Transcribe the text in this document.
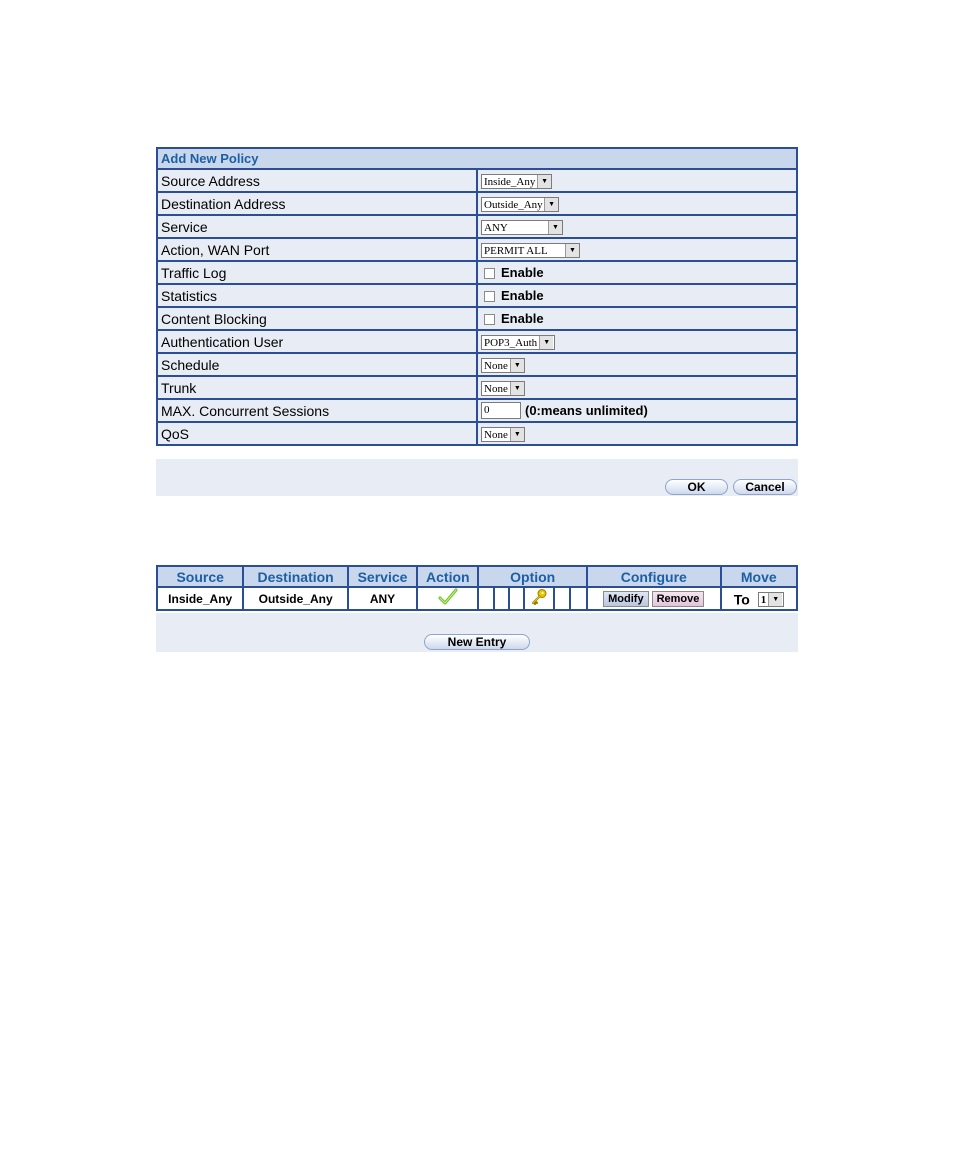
Add New Policy	
Source Address	Inside_Any ▼

Destination Address	Outside_Any ▼

Service	ANY ▼

Action, WAN Port	PERMIT ALL ▼

Traffic Log	Enable
Statistics	Enable
Content Blocking	Enable
Authentication User	POP3_Auth ▼

Schedule	None ▼

Trunk	None ▼

MAX. Concurrent Sessions	0 (0:means unlimited)
QoS	None ▼
OK	Cancel
Source	Destination	Service	Action	Option						Configure	Move
Inside_Any	Outside_Any	ANY								Modify Remove	To 1 ▼
New Entry
